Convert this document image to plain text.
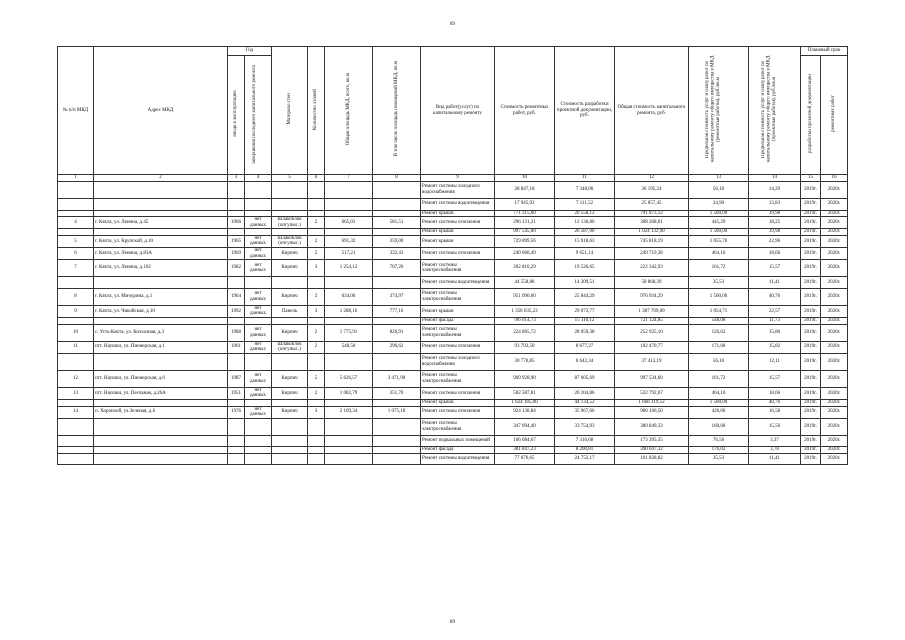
89
№ п/п МКД	Адрес МКД	Год		Материал стен	Количество этажей	Общая площадь МКД, всего, кв.м	В том числе площадь помещений МКД, кв.м	Вид работ(услуг) по капитальному ремонту	Стоимость ремонтных работ, руб.	Стоимость разработки проектной документации, руб.	Общая стоимость капитального ремонта, руб.	Предельная стоимость услуг и (или) работ по капитальному ремонту общего имущества в МКД (ремонтные работы), руб./кв.м	Предельная стоимость услуг и (или) работ по капитальному ремонту общего имущества в МКД (проектные работы), руб./кв.м	Плановый срок	
		ввода в эксплуатацию	завершения последнего капитального ремонта											разработки проектной документации	ремонтных работ
1	2	3	4	5	6	7	8	9	10	11	12	13	14	15	16
								Ремонт системы холодного водоснабжения	28 847,18	7 348,06	36 195,24	56,10	14,29	2019г.	2020г.
								Ремонт системы водоотведения	17 945,93	7 111,52	25 057,45	34,90	13,83	2019г.	2020г.
								Ремонт крыши	771 315,00	20 558,12	791 873,12	1 500,00	39,98	2019г.	2020г.
4	г. Кяхта, ул. Ленина, д.45	1966	нет данных	Шлакоблок (опгупыс.)	2	665,03	581,51	Ремонт системы отопления	296 131,21	12 136,80	308 268,01	445,29	18,25	2019г.	2020г.
								Ремонт крыши	997 545,00	26 587,90	1 024 132,90	1 500,00	39,98	2019г.	2020г.
5	г. Кяхта, ул. Крупской, д.10	1965	нет данных	Шлакоблок (опгупыс.)	2	691,32	359,00	Ремонт крыши	729 899,56	15 918,63	745 818,19	1 055,76	22,96	2019г.	2020г.
6	г. Кяхта, ул. Ленина, д.83А	1969	нет данных	Кирпич	2	517,21	332,43	Ремонт системы отопления	240 068,49	9 651,14	249 719,38	464,16	18,66	2019г.	2020г.
7	г. Кяхта, ул. Ленина, д.102	1982	нет данных	Кирпич	3	1 254,12	707,26	Ремонт системы электроснабжения	202 816,29	19 526,65	222 342,93	161,72	15,57	2019г.	2020г.
								Ремонт системы водоотведения	44 558,88	14 309,51	58 868,39	35,53	11,41	2019г.	2020г.
8	г. Кяхта, ул. Мичурина, д.1	1964	нет данных	Кирпич	2	634,06	374,97	Ремонт системы электроснабжения	951 090,00	25 844,29	976 934,29	1 500,00	40,76	2019г.	2020г.
9	г. Кяхта, ул. Чикойская, д.10	1992	нет данных	Панель	3	1 288,16	777,16	Ремонт крыши	1 358 635,23	29 073,77	1 387 709,00	1 054,71	22,57	2019г.	2020г.
								Ремонт фасада	706 014,73	15 110,12	721 124,85	548,08	11,73	2019г.	2020г.
10	с. Усть-Кяхта, ул. Колхозная, д.3	1988	нет данных	Кирпич	2	1 775,91	826,91	Ремонт системы электроснабжения	224 865,72	28 059,38	252 925,10	126,62	15,80	2019г.	2020г.
11	пгт. Наушки, ул. Пионерская, д.1	1961	нет данных	Шлакоблок (опгупыс.)	2	548,50	296,62	Ремонт системы отопления	93 793,50	8 677,27	102 470,77	171,00	15,82	2019г.	2020г.
								Ремонт системы холодного водоснабжения	30 770,85	6 642,34	37 413,19	56,10	12,11	2019г.	2020г.
12	пгт. Наушки, ул. Пионерская, д.6	1987	нет данных	Кирпич	5	5 626,57	3 471,90	Ремонт системы электроснабжения	909 928,90	87 605,69	997 534,60	161,72	15,57	2019г.	2020г.
13	пгт. Наушки, ул. Песчаная, д.26А	1951	нет данных	Кирпич	2	1 082,79	351,70	Ремонт системы отопления	502 587,81	20 204,86	522 792,67	464,16	18,66	2019г.	2020г.
								Ремонт крыши	1 624 185,00	44 134,52	1 668 319,52	1 500,00	40,76	2019г.	2020г.
14	п. Хоронхой, ул.Зеленая, д.6	1976	нет данных	Кирпич	3	2 169,34	1 075,18	Ремонт системы отопления	924 138,84	35 967,66	960 106,50	426,00	16,58	2019г.	2020г.
								Ремонт системы электроснабжения	347 094,40	33 754,93	380 849,33	160,00	15,56	2019г.	2020г.
								Ремонт подвальных помещений	166 084,67	7 310,68	173 395,35	76,56	3,37	2019г.	2020г.
								Ремонт фасада	381 847,23	8 200,81	390 047,32	176,02	3,78	2019г.	2020г.
								Ремонт системы водоотведения	77 076,65	24 752,17	101 828,82	35,53	11,41	2019г.	2020г.
89
